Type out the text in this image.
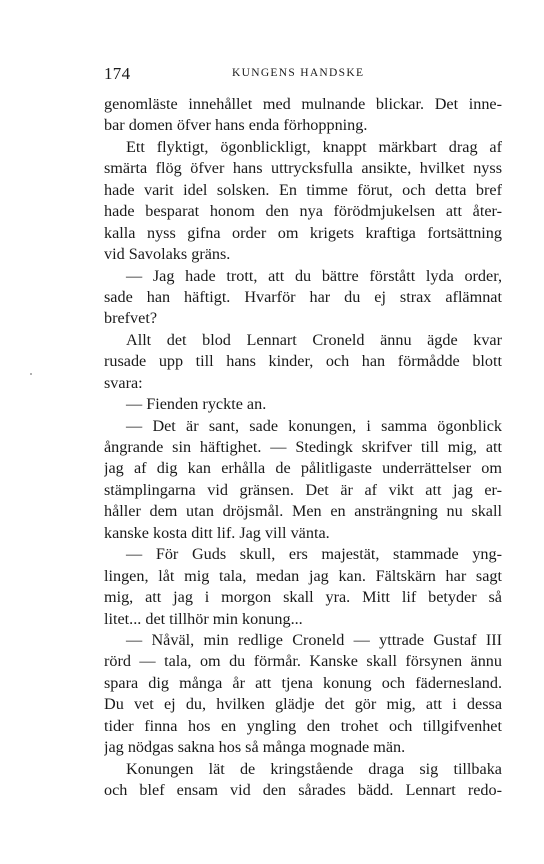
174	KUNGENS HANDSKE
genomläste innehållet med mulnande blickar. Det inne-
bar domen öfver hans enda förhoppning.
Ett flyktigt, ögonblickligt, knappt märkbart drag af
smärta flög öfver hans uttrycksfulla ansikte, hvilket nyss
hade varit idel solsken. En timme förut, och detta bref
hade besparat honom den nya förödmjukelsen att åter-
kalla nyss gifna order om krigets kraftiga fortsättning
vid Savolaks gräns.
— Jag hade trott, att du bättre förstått lyda order,
sade han häftigt. Hvarför har du ej strax aflämnat
brefvet?
Allt det blod Lennart Croneld ännu ägde kvar
rusade upp till hans kinder, och han förmådde blott
svara:
— Fienden ryckte an.
— Det är sant, sade konungen, i samma ögonblick
ångrande sin häftighet. — Stedingk skrifver till mig, att
jag af dig kan erhålla de pålitligaste underrättelser om
stämplingarna vid gränsen. Det är af vikt att jag er-
håller dem utan dröjsmål. Men en ansträngning nu skall
kanske kosta ditt lif. Jag vill vänta.
— För Guds skull, ers majestät, stammade yng-
lingen, låt mig tala, medan jag kan. Fältskärn har sagt
mig, att jag i morgon skall yra. Mitt lif betyder så
litet... det tillhör min konung...
— Nåväl, min redlige Croneld — yttrade Gustaf III
rörd — tala, om du förmår. Kanske skall försynen ännu
spara dig många år att tjena konung och fädernesland.
Du vet ej du, hvilken glädje det gör mig, att i dessa
tider finna hos en yngling den trohet och tillgifvenhet
jag nödgas sakna hos så många mognade män.
Konungen lät de kringstående draga sig tillbaka
och blef ensam vid den sårades bädd. Lennart redo-
